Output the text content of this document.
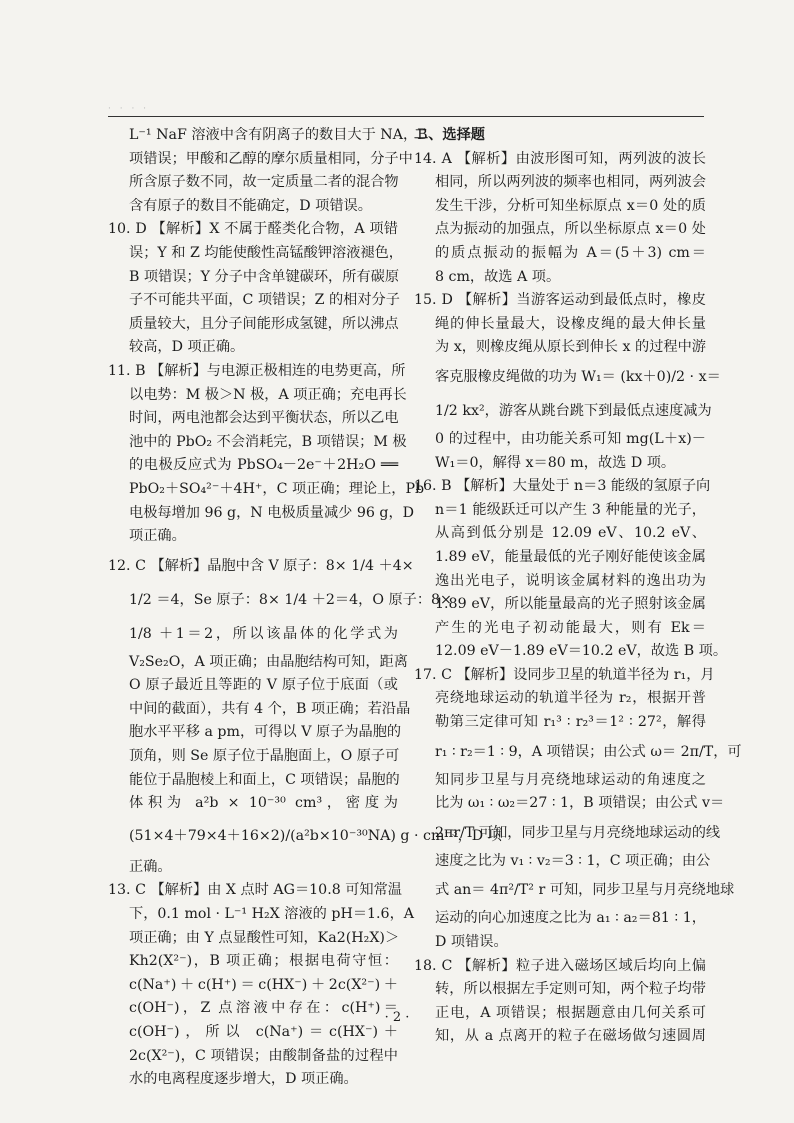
· · · ·
L⁻¹ NaF 溶液中含有阴离子的数目大于 NA，B
项错误；甲酸和乙醇的摩尔质量相同，分子中
所含原子数不同，故一定质量二者的混合物
含有原子的数目不能确定，D 项错误。
10. D 【解析】X 不属于醛类化合物，A 项错
误；Y 和 Z 均能使酸性高锰酸钾溶液褪色，
B 项错误；Y 分子中含单键碳环，所有碳原
子不可能共平面，C 项错误；Z 的相对分子
质量较大，且分子间能形成氢键，所以沸点
较高，D 项正确。
11. B 【解析】与电源正极相连的电势更高，所
以电势：M 极＞N 极，A 项正确；充电再长
时间，两电池都会达到平衡状态，所以乙电
池中的 PbO₂ 不会消耗完，B 项错误；M 极
的电极反应式为 PbSO₄－2e⁻＋2H₂O ══
PbO₂＋SO₄²⁻＋4H⁺，C 项正确；理论上，Pb
电极每增加 96 g，N 电极质量减少 96 g，D
项正确。
12. C 【解析】晶胞中含 V 原子：8× 1/4 ＋4×
1/2 ＝4，Se 原子：8× 1/4 ＋2＝4，O 原子：8×
1/8 ＋1＝2，所以该晶体的化学式为
V₂Se₂O，A 项正确；由晶胞结构可知，距离
O 原子最近且等距的 V 原子位于底面（或
中间的截面），共有 4 个，B 项正确；若沿晶
胞水平平移 a pm，可得以 V 原子为晶胞的
顶角，则 Se 原子位于晶胞面上，O 原子可
能位于晶胞棱上和面上，C 项错误；晶胞的
体积为 a²b × 10⁻³⁰ cm³，密度为
(51×4＋79×4＋16×2)/(a²b×10⁻³⁰NA) g · cm⁻³，D 项
正确。
13. C 【解析】由 X 点时 AG＝10.8 可知常温
下，0.1 mol · L⁻¹ H₂X 溶液的 pH＝1.6，A
项正确；由 Y 点显酸性可知，Ka2(H₂X)＞
Kh2(X²⁻)，B 项正确；根据电荷守恒：
c(Na⁺)＋c(H⁺)＝c(HX⁻)＋2c(X²⁻)＋
c(OH⁻)，Z 点溶液中存在：c(H⁺)＝
c(OH⁻)，所以 c(Na⁺)＝c(HX⁻)＋
2c(X²⁻)，C 项错误；由酸制备盐的过程中
水的电离程度逐步增大，D 项正确。
二、选择题
14. A 【解析】由波形图可知，两列波的波长
相同，所以两列波的频率也相同，两列波会
发生干涉，分析可知坐标原点 x＝0 处的质
点为振动的加强点，所以坐标原点 x＝0 处
的质点振动的振幅为 A＝(5＋3) cm＝
8 cm，故选 A 项。
15. D 【解析】当游客运动到最低点时，橡皮
绳的伸长量最大，设橡皮绳的最大伸长量
为 x，则橡皮绳从原长到伸长 x 的过程中游
客克服橡皮绳做的功为 W₁＝ (kx＋0)/2 · x＝
1/2 kx²，游客从跳台跳下到最低点速度减为
0 的过程中，由功能关系可知 mg(L＋x)－
W₁＝0，解得 x＝80 m，故选 D 项。
16. B 【解析】大量处于 n＝3 能级的氢原子向
n＝1 能级跃迁可以产生 3 种能量的光子，
从高到低分别是 12.09 eV、10.2 eV、
1.89 eV，能量最低的光子刚好能使该金属
逸出光电子，说明该金属材料的逸出功为
1.89 eV，所以能量最高的光子照射该金属
产生的光电子初动能最大，则有 Ek＝
12.09 eV－1.89 eV＝10.2 eV，故选 B 项。
17. C 【解析】设同步卫星的轨道半径为 r₁，月
亮绕地球运动的轨道半径为 r₂，根据开普
勒第三定律可知 r₁³ ∶ r₂³＝1² ∶ 27²，解得
r₁ ∶ r₂＝1 ∶ 9，A 项错误；由公式 ω＝ 2π/T，可
知同步卫星与月亮绕地球运动的角速度之
比为 ω₁ ∶ ω₂＝27 ∶ 1，B 项错误；由公式 v＝
2πr/T 可知，同步卫星与月亮绕地球运动的线
速度之比为 v₁ ∶ v₂＝3 ∶ 1，C 项正确；由公
式 an＝ 4π²/T² r 可知，同步卫星与月亮绕地球
运动的向心加速度之比为 a₁ ∶ a₂＝81 ∶ 1，
D 项错误。
18. C 【解析】粒子进入磁场区域后均向上偏
转，所以根据左手定则可知，两个粒子均带
正电，A 项错误；根据题意由几何关系可
知，从 a 点离开的粒子在磁场做匀速圆周
· 2 ·
